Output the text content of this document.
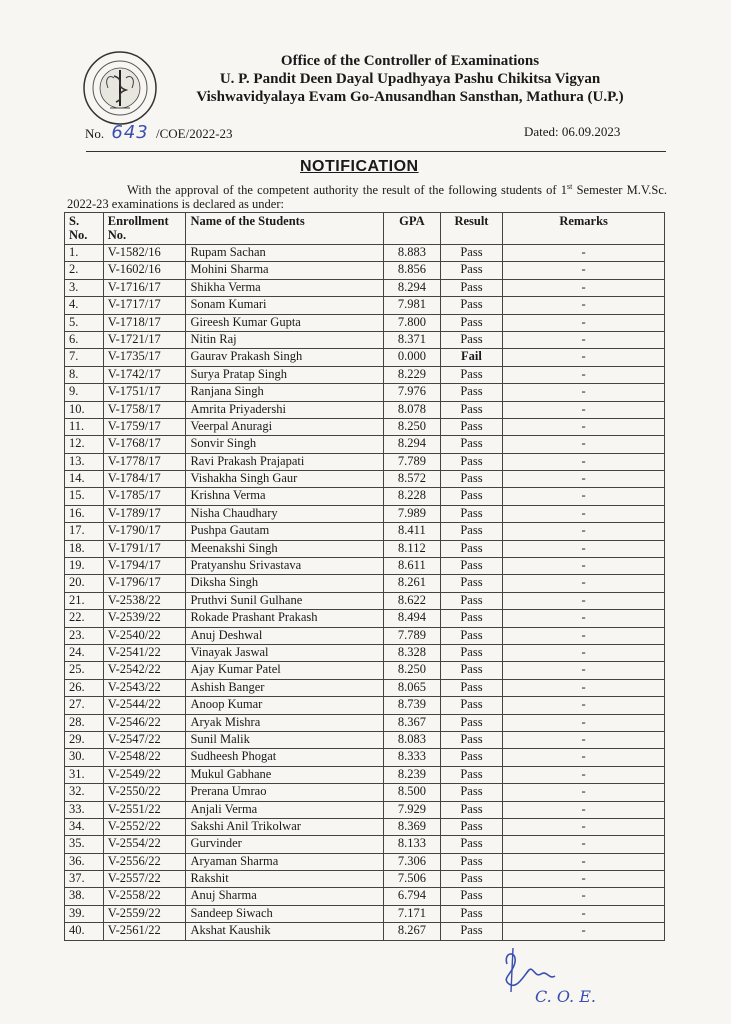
Office of the Controller of Examinations
U. P. Pandit Deen Dayal Upadhyaya Pashu Chikitsa Vigyan
Vishwavidyalaya Evam Go-Anusandhan Sansthan, Mathura (U.P.)
No. 643 /COE/2022-23	Dated: 06.09.2023
NOTIFICATION
With the approval of the competent authority the result of the following students of 1st Semester M.V.Sc. 2022-23 examinations is declared as under:
S. No.	Enrollment No.	Name of the Students	GPA	Result	Remarks
1.	V-1582/16	Rupam Sachan	8.883	Pass	-
2.	V-1602/16	Mohini Sharma	8.856	Pass	-
3.	V-1716/17	Shikha Verma	8.294	Pass	-
4.	V-1717/17	Sonam Kumari	7.981	Pass	-
5.	V-1718/17	Gireesh Kumar Gupta	7.800	Pass	-
6.	V-1721/17	Nitin Raj	8.371	Pass	-
7.	V-1735/17	Gaurav Prakash Singh	0.000	Fail	-
8.	V-1742/17	Surya Pratap Singh	8.229	Pass	-
9.	V-1751/17	Ranjana Singh	7.976	Pass	-
10.	V-1758/17	Amrita Priyadershi	8.078	Pass	-
11.	V-1759/17	Veerpal Anuragi	8.250	Pass	-
12.	V-1768/17	Sonvir Singh	8.294	Pass	-
13.	V-1778/17	Ravi Prakash Prajapati	7.789	Pass	-
14.	V-1784/17	Vishakha Singh Gaur	8.572	Pass	-
15.	V-1785/17	Krishna Verma	8.228	Pass	-
16.	V-1789/17	Nisha Chaudhary	7.989	Pass	-
17.	V-1790/17	Pushpa Gautam	8.411	Pass	-
18.	V-1791/17	Meenakshi Singh	8.112	Pass	-
19.	V-1794/17	Pratyanshu Srivastava	8.611	Pass	-
20.	V-1796/17	Diksha Singh	8.261	Pass	-
21.	V-2538/22	Pruthvi Sunil Gulhane	8.622	Pass	-
22.	V-2539/22	Rokade Prashant Prakash	8.494	Pass	-
23.	V-2540/22	Anuj Deshwal	7.789	Pass	-
24.	V-2541/22	Vinayak Jaswal	8.328	Pass	-
25.	V-2542/22	Ajay Kumar Patel	8.250	Pass	-
26.	V-2543/22	Ashish Banger	8.065	Pass	-
27.	V-2544/22	Anoop Kumar	8.739	Pass	-
28.	V-2546/22	Aryak Mishra	8.367	Pass	-
29.	V-2547/22	Sunil Malik	8.083	Pass	-
30.	V-2548/22	Sudheesh Phogat	8.333	Pass	-
31.	V-2549/22	Mukul Gabhane	8.239	Pass	-
32.	V-2550/22	Prerana Umrao	8.500	Pass	-
33.	V-2551/22	Anjali Verma	7.929	Pass	-
34.	V-2552/22	Sakshi Anil Trikolwar	8.369	Pass	-
35.	V-2554/22	Gurvinder	8.133	Pass	-
36.	V-2556/22	Aryaman Sharma	7.306	Pass	-
37.	V-2557/22	Rakshit	7.506	Pass	-
38.	V-2558/22	Anuj Sharma	6.794	Pass	-
39.	V-2559/22	Sandeep Siwach	7.171	Pass	-
40.	V-2561/22	Akshat Kaushik	8.267	Pass	-
C. O. E.
